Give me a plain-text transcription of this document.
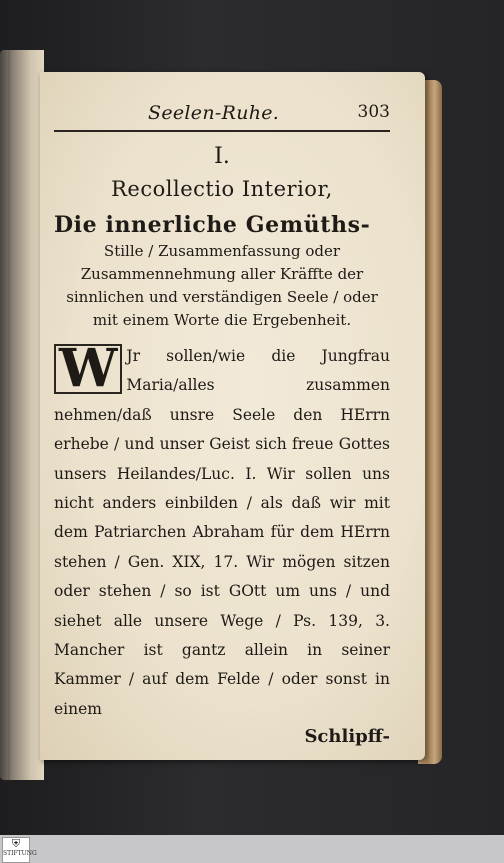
Seelen-Ruhe.	303
I.
Recollectio Interior,
Die innerliche Gemüths-
Stille / Zusammenfassung oder Zusammennehmung aller Kräffte der sinnlichen und verständigen Seele / oder mit einem Worte die Ergebenheit.
W Jr sollen/wie die Jungfrau Maria/alles zusammen nehmen/daß unsre Seele den HErrn erhebe / und unser Geist sich freue Gottes unsers Heilandes/Luc. I. Wir sollen uns nicht anders einbilden / als daß wir mit dem Patriarchen Abraham für dem HErrn stehen / Gen. XIX, 17. Wir mögen sitzen oder stehen / so ist GOtt um uns / und siehet alle unsere Wege / Ps. 139, 3. Mancher ist gantz allein in seiner Kammer / auf dem Felde / oder sonst in einem
Schlipff-
⛨
STIFTUNG
